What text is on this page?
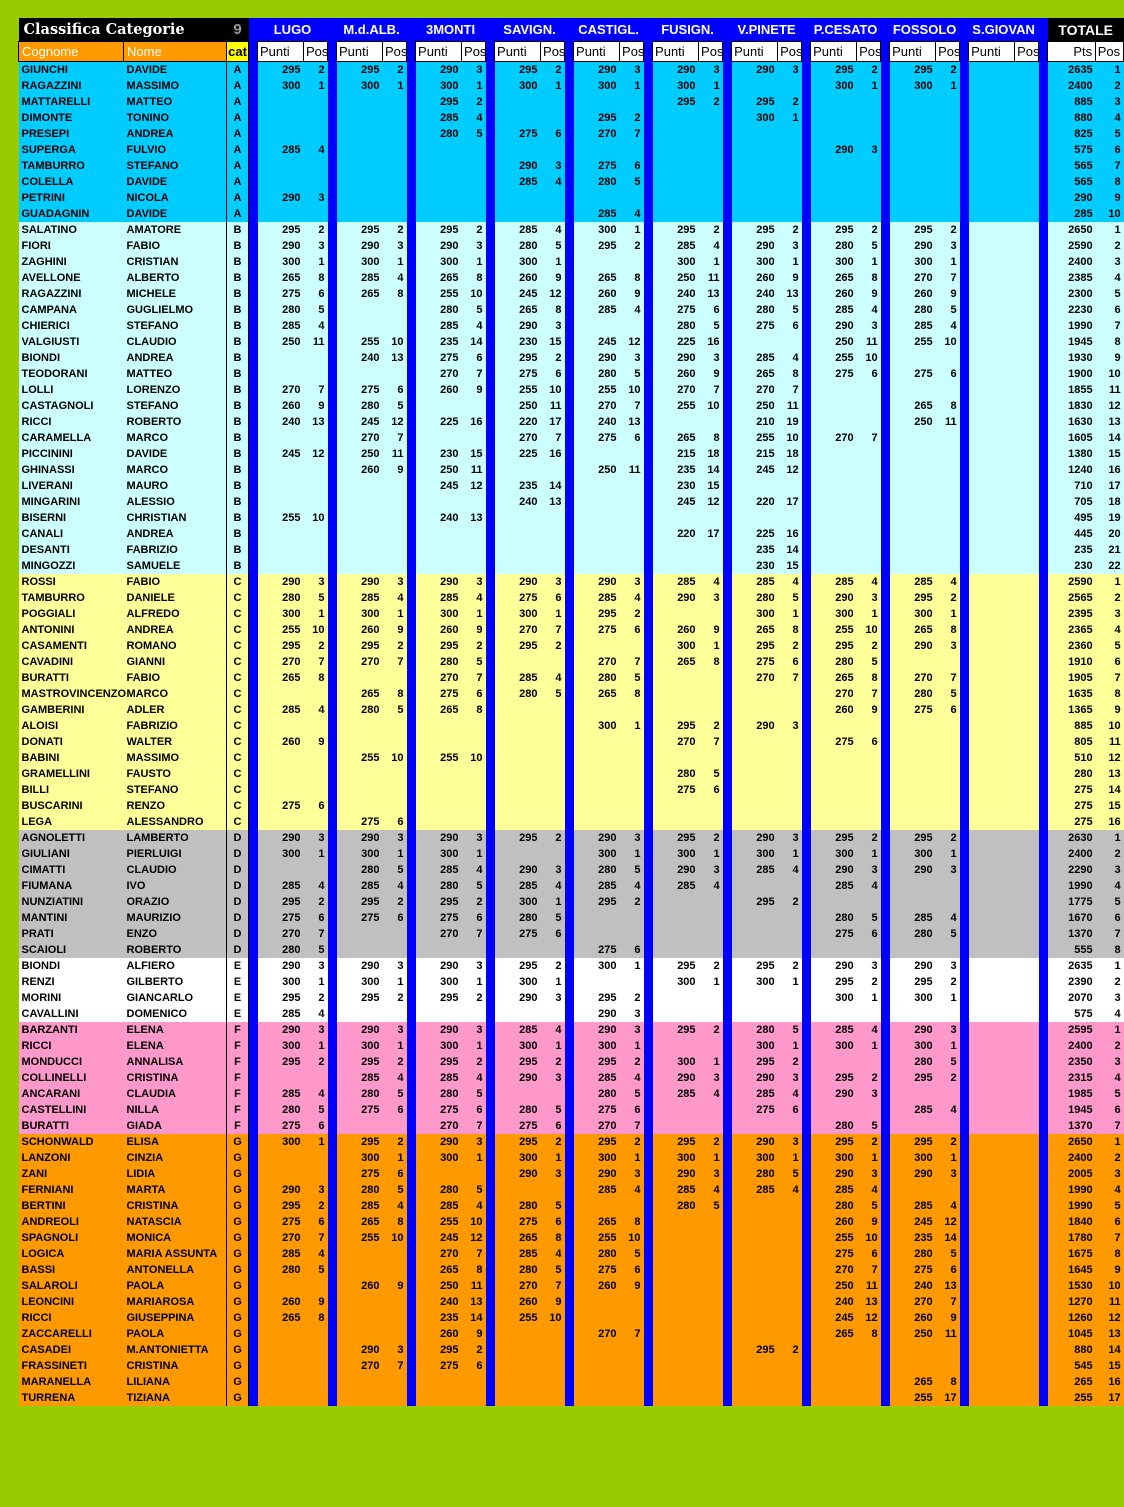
Classifica Categorie		9		LUGO			M.d.ALB.			3MONTI			SAVIGN.			CASTIGL.			FUSIGN.			V.PINETE			P.CESATO			FOSSOLO			S.GIOVAN			TOTALE	
Cognome	Nome	cat		Punti	Pos		Punti	Pos		Punti	Pos		Punti	Pos		Punti	Pos		Punti	Pos		Punti	Pos		Punti	Pos		Punti	Pos		Punti	Pos		Pts	Pos
GIUNCHI	DAVIDE	A		295	2		295	2		290	3		295	2		290	3		290	3		290	3		295	2		295	2					2635	1
RAGAZZINI	MASSIMO	A		300	1		300	1		300	1		300	1		300	1		300	1					300	1		300	1					2400	2
MATTARELLI	MATTEO	A								295	2								295	2		295	2											885	3
DIMONTE	TONINO	A								285	4					295	2					300	1											880	4
PRESEPI	ANDREA	A								280	5		275	6		270	7																	825	5
SUPERGA	FULVIO	A		285	4																				290	3								575	6
TAMBURRO	STEFANO	A											290	3		275	6																	565	7
COLELLA	DAVIDE	A											285	4		280	5																	565	8
PETRINI	NICOLA	A		290	3																													290	9
GUADAGNIN	DAVIDE	A														285	4																	285	10
SALATINO	AMATORE	B		295	2		295	2		295	2		285	4		300	1		295	2		295	2		295	2		295	2					2650	1
FIORI	FABIO	B		290	3		290	3		290	3		280	5		295	2		285	4		290	3		280	5		290	3					2590	2
ZAGHINI	CRISTIAN	B		300	1		300	1		300	1		300	1					300	1		300	1		300	1		300	1					2400	3
AVELLONE	ALBERTO	B		265	8		285	4		265	8		260	9		265	8		250	11		260	9		265	8		270	7					2385	4
RAGAZZINI	MICHELE	B		275	6		265	8		255	10		245	12		260	9		240	13		240	13		260	9		260	9					2300	5
CAMPANA	GUGLIELMO	B		280	5					280	5		265	8		285	4		275	6		280	5		285	4		280	5					2230	6
CHIERICI	STEFANO	B		285	4					285	4		290	3					280	5		275	6		290	3		285	4					1990	7
VALGIUSTI	CLAUDIO	B		250	11		255	10		235	14		230	15		245	12		225	16					250	11		255	10					1945	8
BIONDI	ANDREA	B					240	13		275	6		295	2		290	3		290	3		285	4		255	10								1930	9
TEODORANI	MATTEO	B								270	7		275	6		280	5		260	9		265	8		275	6		275	6					1900	10
LOLLI	LORENZO	B		270	7		275	6		260	9		255	10		255	10		270	7		270	7											1855	11
CASTAGNOLI	STEFANO	B		260	9		280	5					250	11		270	7		255	10		250	11					265	8					1830	12
RICCI	ROBERTO	B		240	13		245	12		225	16		220	17		240	13					210	19					250	11					1630	13
CARAMELLA	MARCO	B					270	7					270	7		275	6		265	8		255	10		270	7								1605	14
PICCININI	DAVIDE	B		245	12		250	11		230	15		225	16					215	18		215	18											1380	15
GHINASSI	MARCO	B					260	9		250	11					250	11		235	14		245	12											1240	16
LIVERANI	MAURO	B								245	12		235	14					230	15														710	17
MINGARINI	ALESSIO	B											240	13					245	12		220	17											705	18
BISERNI	CHRISTIAN	B		255	10					240	13																							495	19
CANALI	ANDREA	B																	220	17		225	16											445	20
DESANTI	FABRIZIO	B																				235	14											235	21
MINGOZZI	SAMUELE	B																				230	15											230	22
ROSSI	FABIO	C		290	3		290	3		290	3		290	3		290	3		285	4		285	4		285	4		285	4					2590	1
TAMBURRO	DANIELE	C		280	5		285	4		285	4		275	6		285	4		290	3		280	5		290	3		295	2					2565	2
POGGIALI	ALFREDO	C		300	1		300	1		300	1		300	1		295	2					300	1		300	1		300	1					2395	3
ANTONINI	ANDREA	C		255	10		260	9		260	9		270	7		275	6		260	9		265	8		255	10		265	8					2365	4
CASAMENTI	ROMANO	C		295	2		295	2		295	2		295	2					300	1		295	2		295	2		290	3					2360	5
CAVADINI	GIANNI	C		270	7		270	7		280	5					270	7		265	8		275	6		280	5								1910	6
BURATTI	FABIO	C		265	8					270	7		285	4		280	5					270	7		265	8		270	7					1905	7
MASTROVINCENZO	MARCO	C					265	8		275	6		280	5		265	8								270	7		280	5					1635	8
GAMBERINI	ADLER	C		285	4		280	5		265	8														260	9		275	6					1365	9
ALOISI	FABRIZIO	C														300	1		295	2		290	3											885	10
DONATI	WALTER	C		260	9														270	7					275	6								805	11
BABINI	MASSIMO	C					255	10		255	10																							510	12
GRAMELLINI	FAUSTO	C																	280	5														280	13
BILLI	STEFANO	C																	275	6														275	14
BUSCARINI	RENZO	C		275	6																													275	15
LEGA	ALESSANDRO	C					275	6																										275	16
AGNOLETTI	LAMBERTO	D		290	3		290	3		290	3		295	2		290	3		295	2		290	3		295	2		295	2					2630	1
GIULIANI	PIERLUIGI	D		300	1		300	1		300	1					300	1		300	1		300	1		300	1		300	1					2400	2
CIMATTI	CLAUDIO	D					280	5		285	4		290	3		280	5		290	3		285	4		290	3		290	3					2290	3
FIUMANA	IVO	D		285	4		285	4		280	5		285	4		285	4		285	4					285	4								1990	4
NUNZIATINI	ORAZIO	D		295	2		295	2		295	2		300	1		295	2					295	2											1775	5
MANTINI	MAURIZIO	D		275	6		275	6		275	6		280	5											280	5		285	4					1670	6
PRATI	ENZO	D		270	7					270	7		275	6											275	6		280	5					1370	7
SCAIOLI	ROBERTO	D		280	5											275	6																	555	8
BIONDI	ALFIERO	E		290	3		290	3		290	3		295	2		300	1		295	2		295	2		290	3		290	3					2635	1
RENZI	GILBERTO	E		300	1		300	1		300	1		300	1					300	1		300	1		295	2		295	2					2390	2
MORINI	GIANCARLO	E		295	2		295	2		295	2		290	3		295	2								300	1		300	1					2070	3
CAVALLINI	DOMENICO	E		285	4											290	3																	575	4
BARZANTI	ELENA	F		290	3		290	3		290	3		285	4		290	3		295	2		280	5		285	4		290	3					2595	1
RICCI	ELENA	F		300	1		300	1		300	1		300	1		300	1					300	1		300	1		300	1					2400	2
MONDUCCI	ANNALISA	F		295	2		295	2		295	2		295	2		295	2		300	1		295	2					280	5					2350	3
COLLINELLI	CRISTINA	F					285	4		285	4		290	3		285	4		290	3		290	3		295	2		295	2					2315	4
ANCARANI	CLAUDIA	F		285	4		280	5		280	5					280	5		285	4		285	4		290	3								1985	5
CASTELLINI	NILLA	F		280	5		275	6		275	6		280	5		275	6					275	6					285	4					1945	6
BURATTI	GIADA	F		275	6					270	7		275	6		270	7								280	5								1370	7
SCHONWALD	ELISA	G		300	1		295	2		290	3		295	2		295	2		295	2		290	3		295	2		295	2					2650	1
LANZONI	CINZIA	G					300	1		300	1		300	1		300	1		300	1		300	1		300	1		300	1					2400	2
ZANI	LIDIA	G					275	6					290	3		290	3		290	3		280	5		290	3		290	3					2005	3
FERNIANI	MARTA	G		290	3		280	5		280	5					285	4		285	4		285	4		285	4								1990	4
BERTINI	CRISTINA	G		295	2		285	4		285	4		280	5					280	5					280	5		285	4					1990	5
ANDREOLI	NATASCIA	G		275	6		265	8		255	10		275	6		265	8								260	9		245	12					1840	6
SPAGNOLI	MONICA	G		270	7		255	10		245	12		265	8		255	10								255	10		235	14					1780	7
LOGICA	MARIA ASSUNTA	G		285	4					270	7		285	4		280	5								275	6		280	5					1675	8
BASSI	ANTONELLA	G		280	5					265	8		280	5		275	6								270	7		275	6					1645	9
SALAROLI	PAOLA	G					260	9		250	11		270	7		260	9								250	11		240	13					1530	10
LEONCINI	MARIAROSA	G		260	9					240	13		260	9											240	13		270	7					1270	11
RICCI	GIUSEPPINA	G		265	8					235	14		255	10											245	12		260	9					1260	12
ZACCARELLI	PAOLA	G								260	9					270	7								265	8		250	11					1045	13
CASADEI	M.ANTONIETTA	G					290	3		295	2											295	2											880	14
FRASSINETI	CRISTINA	G					270	7		275	6																							545	15
MARANELLA	LILIANA	G																										265	8					265	16
TURRENA	TIZIANA	G																										255	17					255	17
